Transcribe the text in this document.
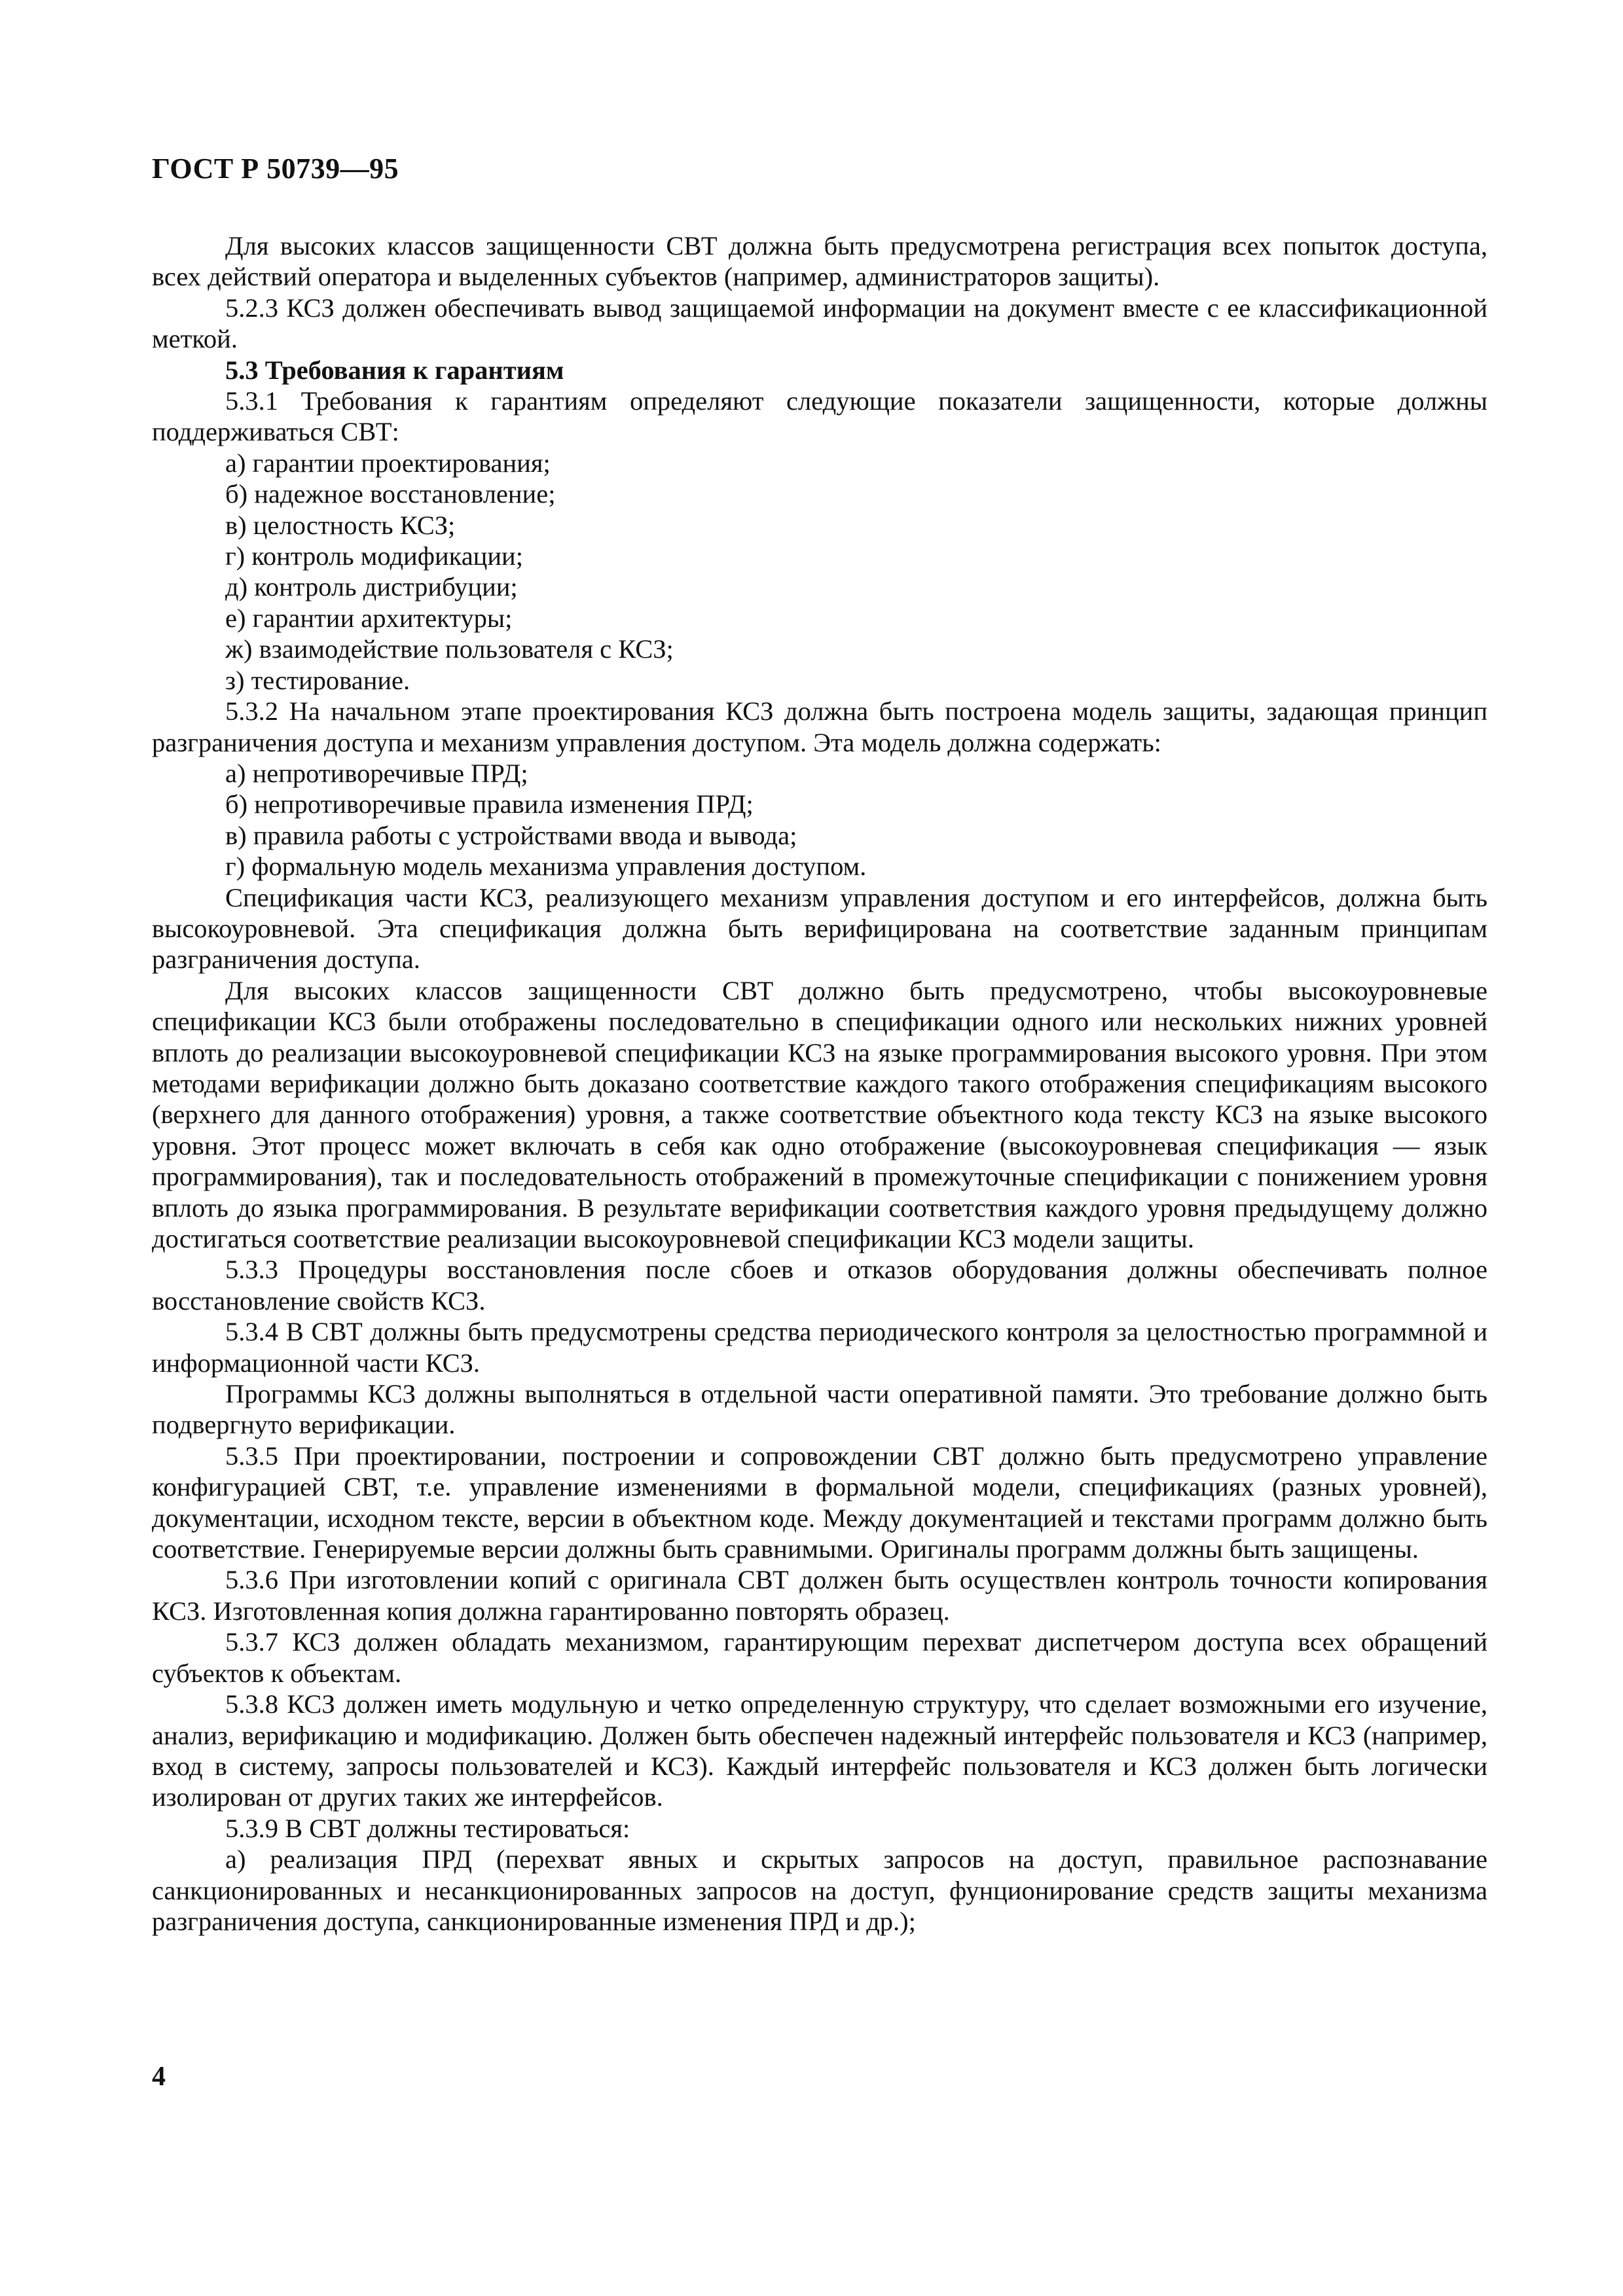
ГОСТ Р 50739—95

Для высоких классов защищенности СВТ должна быть предусмотрена регистрация всех попыток доступа, всех действий оператора и выделенных субъектов (например, администраторов защиты).

5.2.3 КСЗ должен обеспечивать вывод защищаемой информации на документ вместе с ее классификационной меткой.

5.3 Требования к гарантиям

5.3.1 Требования к гарантиям определяют следующие показатели защищенности, которые должны поддерживаться СВТ:

а) гарантии проектирования;

б) надежное восстановление;

в) целостность КСЗ;

г) контроль модификации;

д) контроль дистрибуции;

е) гарантии архитектуры;

ж) взаимодействие пользователя с КСЗ;

з) тестирование.

5.3.2 На начальном этапе проектирования КСЗ должна быть построена модель защиты, задающая принцип разграничения доступа и механизм управления доступом. Эта модель должна содержать:

а) непротиворечивые ПРД;

б) непротиворечивые правила изменения ПРД;

в) правила работы с устройствами ввода и вывода;

г) формальную модель механизма управления доступом.

Спецификация части КСЗ, реализующего механизм управления доступом и его интерфейсов, должна быть высокоуровневой. Эта спецификация должна быть верифицирована на соответствие заданным принципам разграничения доступа.

Для высоких классов защищенности СВТ должно быть предусмотрено, чтобы высокоуровневые спецификации КСЗ были отображены последовательно в спецификации одного или нескольких нижних уровней вплоть до реализации высокоуровневой спецификации КСЗ на языке программирования высокого уровня. При этом методами верификации должно быть доказано соответствие каждого такого отображения спецификациям высокого (верхнего для данного отображения) уровня, а также соответствие объектного кода тексту КСЗ на языке высокого уровня. Этот процесс может включать в себя как одно отображение (высокоуровневая спецификация — язык программирования), так и последовательность отображений в промежуточные спецификации с понижением уровня вплоть до языка программирования. В результате верификации соответствия каждого уровня предыдущему должно достигаться соответствие реализации высокоуровневой спецификации КСЗ модели защиты.

5.3.3 Процедуры восстановления после сбоев и отказов оборудования должны обеспечивать полное восстановление свойств КСЗ.

5.3.4 В СВТ должны быть предусмотрены средства периодического контроля за целостностью программной и информационной части КСЗ.

Программы КСЗ должны выполняться в отдельной части оперативной памяти. Это требование должно быть подвергнуто верификации.

5.3.5 При проектировании, построении и сопровождении СВТ должно быть предусмотрено управление конфигурацией СВТ, т.е. управление изменениями в формальной модели, спецификациях (разных уровней), документации, исходном тексте, версии в объектном коде. Между документацией и текстами программ должно быть соответствие. Генерируемые версии должны быть сравнимыми. Оригиналы программ должны быть защищены.

5.3.6 При изготовлении копий с оригинала СВТ должен быть осуществлен контроль точности копирования КСЗ. Изготовленная копия должна гарантированно повторять образец.

5.3.7 КСЗ должен обладать механизмом, гарантирующим перехват диспетчером доступа всех обращений субъектов к объектам.

5.3.8 КСЗ должен иметь модульную и четко определенную структуру, что сделает возможными его изучение, анализ, верификацию и модификацию. Должен быть обеспечен надежный интерфейс пользователя и КСЗ (например, вход в систему, запросы пользователей и КСЗ). Каждый интерфейс пользователя и КСЗ должен быть логически изолирован от других таких же интерфейсов.

5.3.9 В СВТ должны тестироваться:

а) реализация ПРД (перехват явных и скрытых запросов на доступ, правильное распознавание санкционированных и несанкционированных запросов на доступ, фунционирование средств защиты механизма разграничения доступа, санкционированные изменения ПРД и др.);

4
